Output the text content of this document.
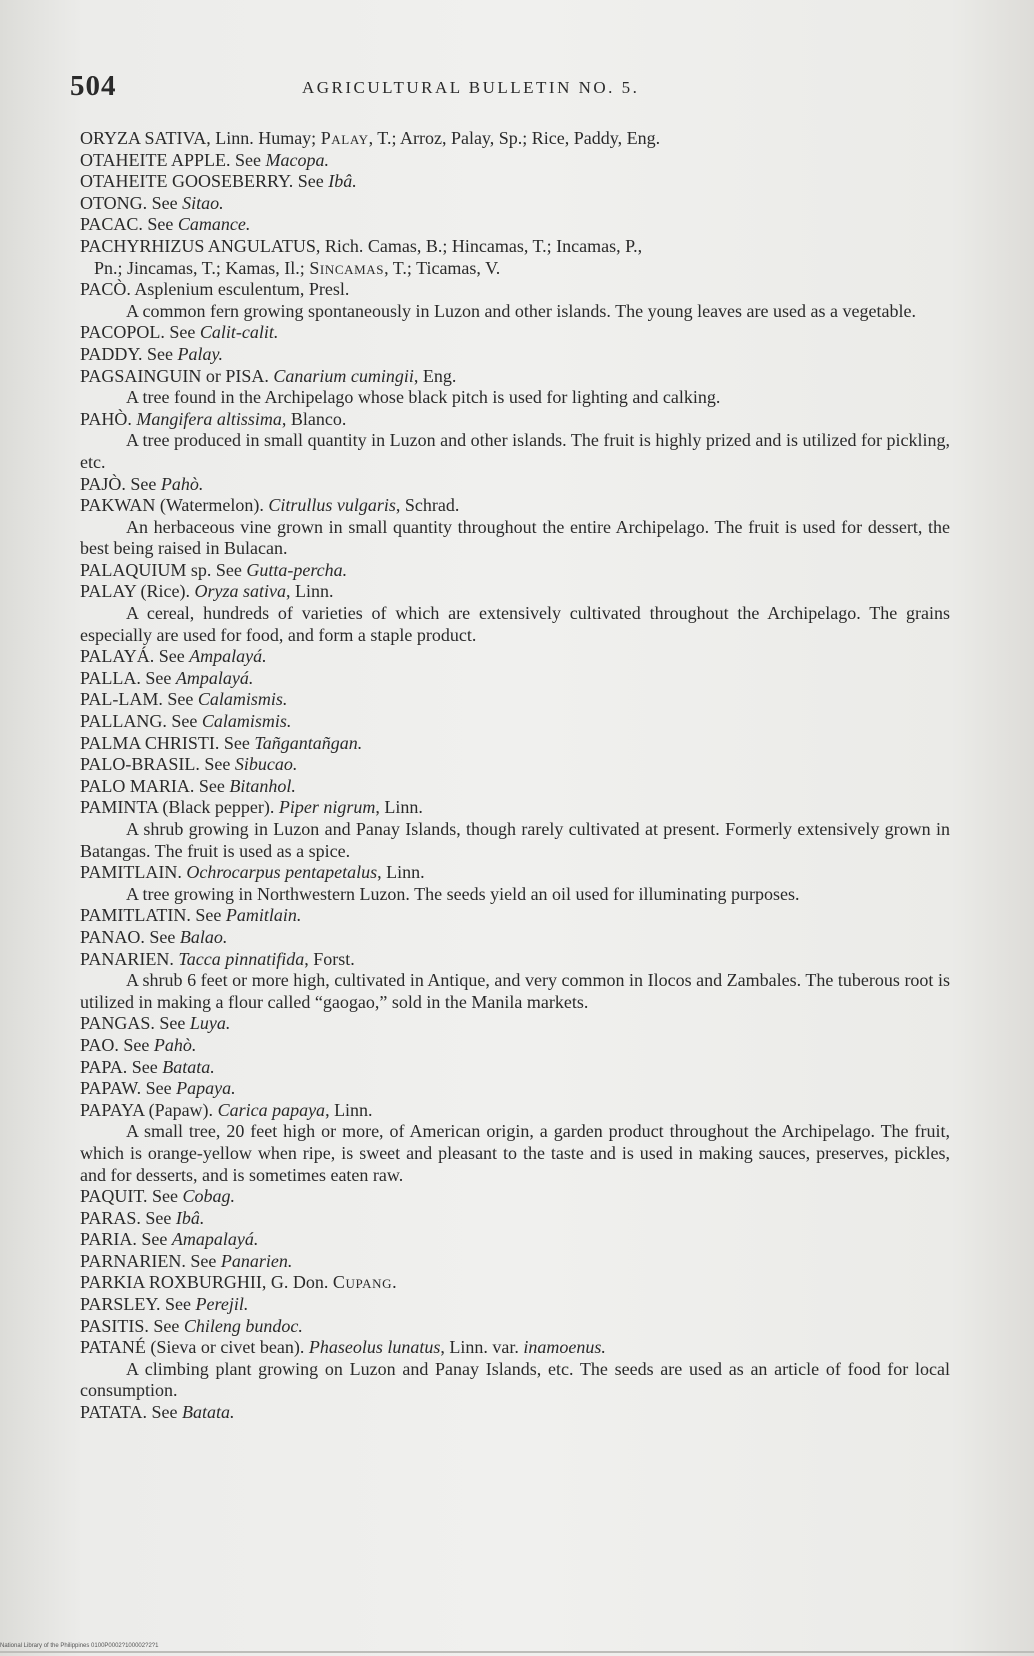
504	AGRICULTURAL BULLETIN NO. 5.
ORYZA SATIVA, Linn. Humay; Palay, T.; Arroz, Palay, Sp.; Rice, Paddy, Eng.
OTAHEITE APPLE. See Macopa.
OTAHEITE GOOSEBERRY. See Ibâ.
OTONG. See Sitao.
PACAC. See Camance.
PACHYRHIZUS ANGULATUS, Rich. Camas, B.; Hincamas, T.; Incamas, P.,
Pn.; Jincamas, T.; Kamas, Il.; Sincamas, T.; Ticamas, V.
PACÒ. Asplenium esculentum, Presl.

A common fern growing spontaneously in Luzon and other islands. The young leaves are used as a vegetable.

PACOPOL. See Calit-calit.
PADDY. See Palay.
PAGSAINGUIN or PISA. Canarium cumingii, Eng.

A tree found in the Archipelago whose black pitch is used for lighting and calking.

PAHÒ. Mangifera altissima, Blanco.

A tree produced in small quantity in Luzon and other islands. The fruit is highly prized and is utilized for pickling, etc.

PAJÒ. See Pahò.
PAKWAN (Watermelon). Citrullus vulgaris, Schrad.

An herbaceous vine grown in small quantity throughout the entire Archipelago. The fruit is used for dessert, the best being raised in Bulacan.

PALAQUIUM sp. See Gutta-percha.
PALAY (Rice). Oryza sativa, Linn.

A cereal, hundreds of varieties of which are extensively cultivated throughout the Archipelago. The grains especially are used for food, and form a staple product.

PALAYÁ. See Ampalayá.
PALLA. See Ampalayá.
PAL-LAM. See Calamismis.
PALLANG. See Calamismis.
PALMA CHRISTI. See Tañgantañgan.
PALO-BRASIL. See Sibucao.
PALO MARIA. See Bitanhol.
PAMINTA (Black pepper). Piper nigrum, Linn.

A shrub growing in Luzon and Panay Islands, though rarely cultivated at present. Formerly extensively grown in Batangas. The fruit is used as a spice.

PAMITLAIN. Ochrocarpus pentapetalus, Linn.

A tree growing in Northwestern Luzon. The seeds yield an oil used for illuminating purposes.

PAMITLATIN. See Pamitlain.
PANAO. See Balao.
PANARIEN. Tacca pinnatifida, Forst.

A shrub 6 feet or more high, cultivated in Antique, and very common in Ilocos and Zambales. The tuberous root is utilized in making a flour called “gaogao,” sold in the Manila markets.

PANGAS. See Luya.
PAO. See Pahò.
PAPA. See Batata.
PAPAW. See Papaya.
PAPAYA (Papaw). Carica papaya, Linn.

A small tree, 20 feet high or more, of American origin, a garden product throughout the Archipelago. The fruit, which is orange-yellow when ripe, is sweet and pleasant to the taste and is used in making sauces, preserves, pickles, and for desserts, and is sometimes eaten raw.

PAQUIT. See Cobag.
PARAS. See Ibâ.
PARIA. See Amapalayá.
PARNARIEN. See Panarien.
PARKIA ROXBURGHII, G. Don. Cupang.
PARSLEY. See Perejil.
PASITIS. See Chileng bundoc.
PATANÉ (Sieva or civet bean). Phaseolus lunatus, Linn. var. inamoenus.

A climbing plant growing on Luzon and Panay Islands, etc. The seeds are used as an article of food for local consumption.

PATATA. See Batata.
National Library of the Philippines 0100P0002?100002?2?1
